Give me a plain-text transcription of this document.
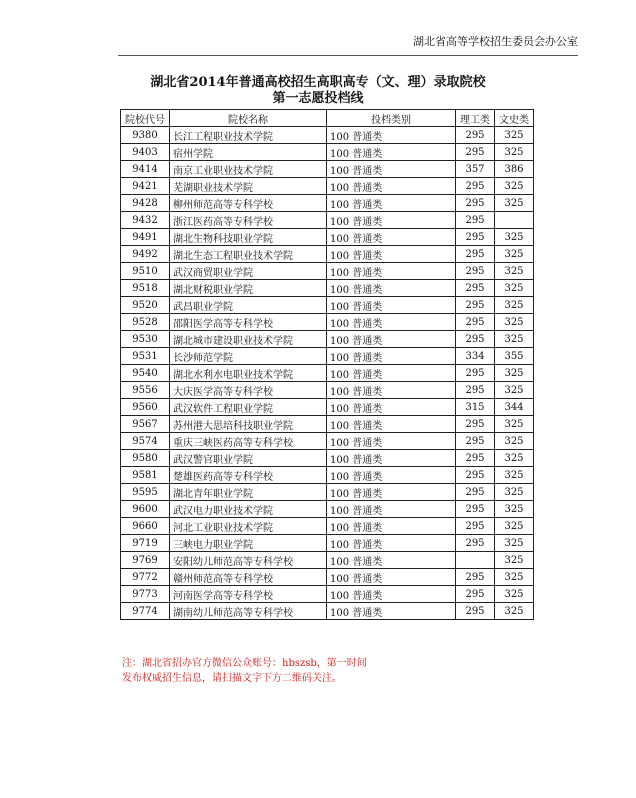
湖北省高等学校招生委员会办公室
湖北省2014年普通高校招生高职高专（文、理）录取院校
第一志愿投档线
院校代号	院校名称	投档类别	理工类	文史类
9380	长江工程职业技术学院	100 普通类	295	325
9403	宿州学院	100 普通类	295	325
9414	南京工业职业技术学院	100 普通类	357	386
9421	芜湖职业技术学院	100 普通类	295	325
9428	柳州师范高等专科学校	100 普通类	295	325
9432	浙江医药高等专科学校	100 普通类	295	
9491	湖北生物科技职业学院	100 普通类	295	325
9492	湖北生态工程职业技术学院	100 普通类	295	325
9510	武汉商贸职业学院	100 普通类	295	325
9518	湖北财税职业学院	100 普通类	295	325
9520	武昌职业学院	100 普通类	295	325
9528	邵阳医学高等专科学校	100 普通类	295	325
9530	湖北城市建设职业技术学院	100 普通类	295	325
9531	长沙师范学院	100 普通类	334	355
9540	湖北水利水电职业技术学院	100 普通类	295	325
9556	大庆医学高等专科学校	100 普通类	295	325
9560	武汉软件工程职业学院	100 普通类	315	344
9567	苏州港大思培科技职业学院	100 普通类	295	325
9574	重庆三峡医药高等专科学校	100 普通类	295	325
9580	武汉警官职业学院	100 普通类	295	325
9581	楚雄医药高等专科学校	100 普通类	295	325
9595	湖北青年职业学院	100 普通类	295	325
9600	武汉电力职业技术学院	100 普通类	295	325
9660	河北工业职业技术学院	100 普通类	295	325
9719	三峡电力职业学院	100 普通类	295	325
9769	安阳幼儿师范高等专科学校	100 普通类		325
9772	赣州师范高等专科学校	100 普通类	295	325
9773	河南医学高等专科学校	100 普通类	295	325
9774	湖南幼儿师范高等专科学校	100 普通类	295	325
注：湖北省招办官方微信公众账号：hbszsb，第一时间
发布权威招生信息，请扫描文字下方二维码关注。
